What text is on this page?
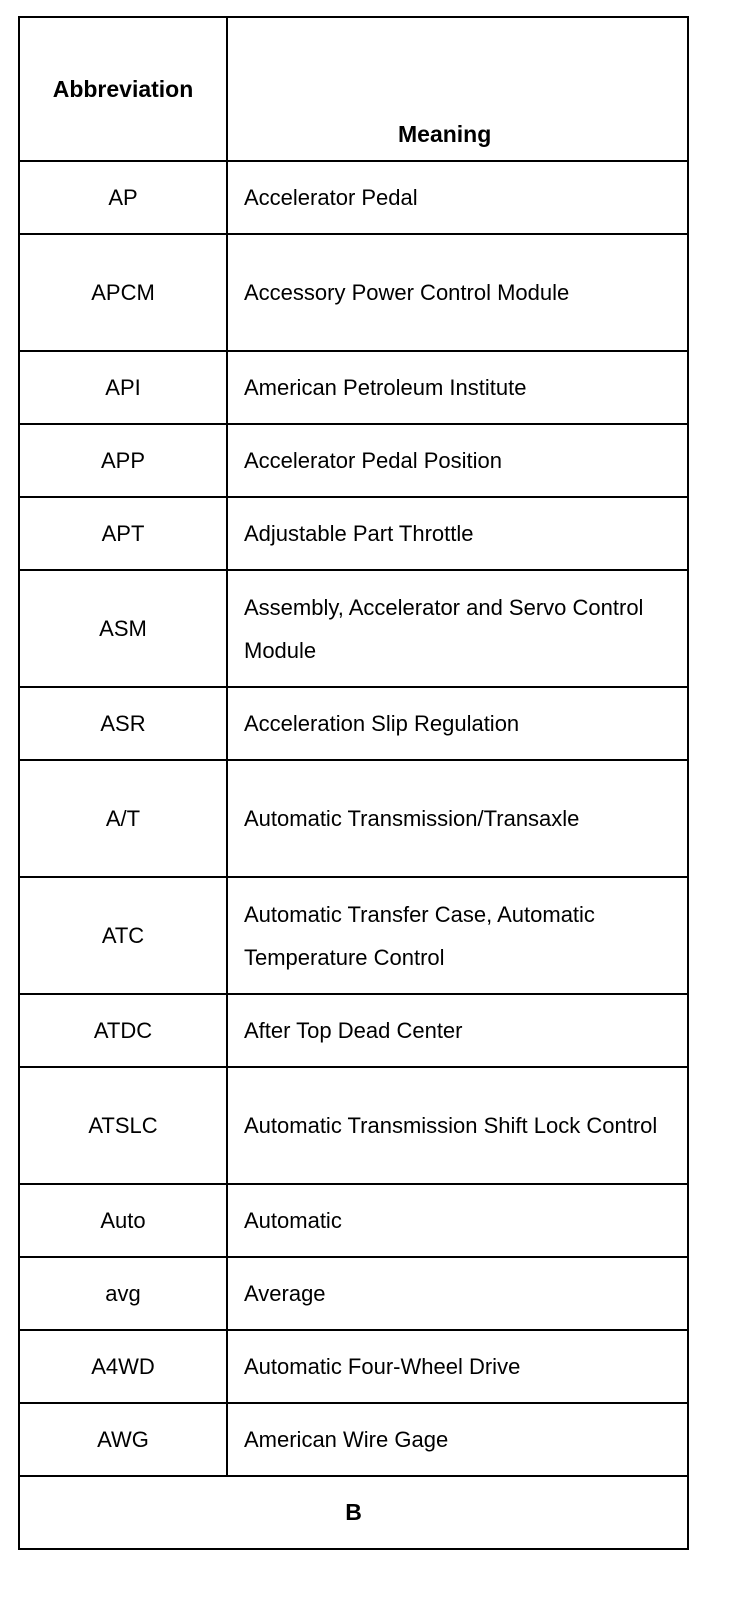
Abbreviation	Meaning
AP	Accelerator Pedal
APCM	Accessory Power Control Module
API	American Petroleum Institute
APP	Accelerator Pedal Position
APT	Adjustable Part Throttle
ASM	Assembly, Accelerator and Servo Control Module
ASR	Acceleration Slip Regulation
A/T	Automatic Transmission/Transaxle
ATC	Automatic Transfer Case, Automatic Temperature Control
ATDC	After Top Dead Center
ATSLC	Automatic Transmission Shift Lock Control
Auto	Automatic
avg	Average
A4WD	Automatic Four-Wheel Drive
AWG	American Wire Gage
B	
